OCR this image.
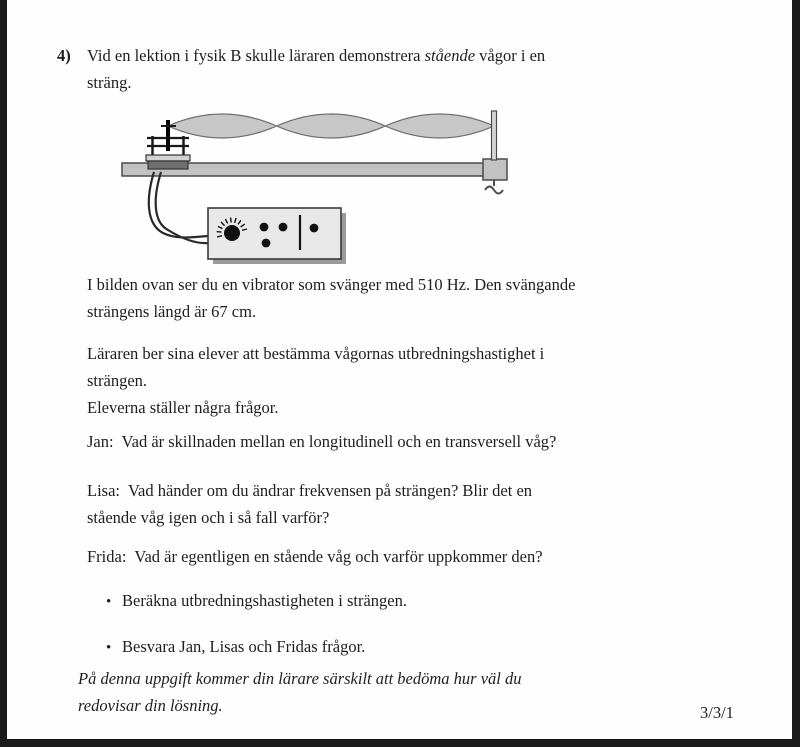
4) Vid en lektion i fysik B skulle läraren demonstrera stående vågor i en
sträng.
I bilden ovan ser du en vibrator som svänger med 510 Hz. Den svängande
strängens längd är 67 cm.
Läraren ber sina elever att bestämma vågornas utbredningshastighet i
strängen.
Eleverna ställer några frågor.
Jan:  Vad är skillnaden mellan en longitudinell och en transversell våg?
Lisa:  Vad händer om du ändrar frekvensen på strängen? Blir det en
stående våg igen och i så fall varför?
Frida:  Vad är egentligen en stående våg och varför uppkommer den?
• Beräkna utbredningshastigheten i strängen.
• Besvara Jan, Lisas och Fridas frågor.
På denna uppgift kommer din lärare särskilt att bedöma hur väl du
redovisar din lösning.	3/3/1
